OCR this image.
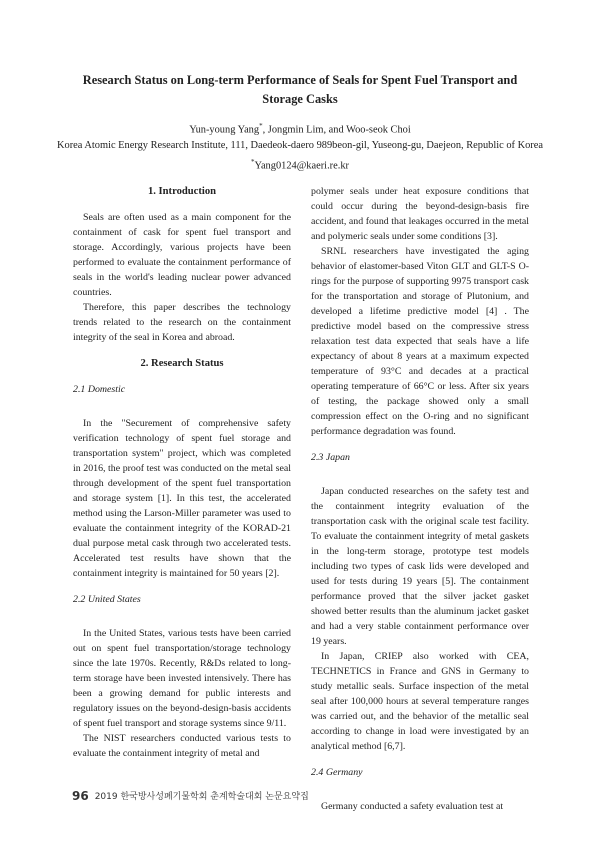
Research Status on Long-term Performance of Seals for Spent Fuel Transport and
Storage Casks
Yun-young Yang*, Jongmin Lim, and Woo-seok Choi
Korea Atomic Energy Research Institute, 111, Daedeok-daero 989beon-gil, Yuseong-gu, Daejeon, Republic of Korea
*Yang0124@kaeri.re.kr
1. Introduction

Seals are often used as a main component for the containment of cask for spent fuel transport and storage. Accordingly, various projects have been performed to evaluate the containment performance of seals in the world's leading nuclear power advanced countries.

Therefore, this paper describes the technology trends related to the research on the containment integrity of the seal in Korea and abroad.

2. Research Status
2.1 Domestic

In the "Securement of comprehensive safety verification technology of spent fuel storage and transportation system" project, which was completed in 2016, the proof test was conducted on the metal seal through development of the spent fuel transportation and storage system [1]. In this test, the accelerated method using the Larson-Miller parameter was used to evaluate the containment integrity of the KORAD-21 dual purpose metal cask through two accelerated tests. Accelerated test results have shown that the containment integrity is maintained for 50 years [2].

2.2 United States

In the United States, various tests have been carried out on spent fuel transportation/storage technology since the late 1970s. Recently, R&Ds related to long-term storage have been invested intensively. There has been a growing demand for public interests and regulatory issues on the beyond-design-basis accidents of spent fuel transport and storage systems since 9/11.

The NIST researchers conducted various tests to evaluate the containment integrity of metal and

polymer seals under heat exposure conditions that could occur during the beyond-design-basis fire accident, and found that leakages occurred in the metal and polymeric seals under some conditions [3].

SRNL researchers have investigated the aging behavior of elastomer-based Viton GLT and GLT-S O-rings for the purpose of supporting 9975 transport cask for the transportation and storage of Plutonium, and developed a lifetime predictive model [4] . The predictive model based on the compressive stress relaxation test data expected that seals have a life expectancy of about 8 years at a maximum expected temperature of 93°C and decades at a practical operating temperature of 66°C or less. After six years of testing, the package showed only a small compression effect on the O-ring and no significant performance degradation was found.

2.3 Japan

Japan conducted researches on the safety test and the containment integrity evaluation of the transportation cask with the original scale test facility. To evaluate the containment integrity of metal gaskets in the long-term storage, prototype test models including two types of cask lids were developed and used for tests during 19 years [5]. The containment performance proved that the silver jacket gasket showed better results than the aluminum jacket gasket and had a very stable containment performance over 19 years.

In Japan, CRIEP also worked with CEA, TECHNETICS in France and GNS in Germany to study metallic seals. Surface inspection of the metal seal after 100,000 hours at several temperature ranges was carried out, and the behavior of the metallic seal according to change in load were investigated by an analytical method [6,7].

2.4 Germany

Germany conducted a safety evaluation test at

96 2019 한국방사성폐기물학회 춘계학술대회 논문요약집
